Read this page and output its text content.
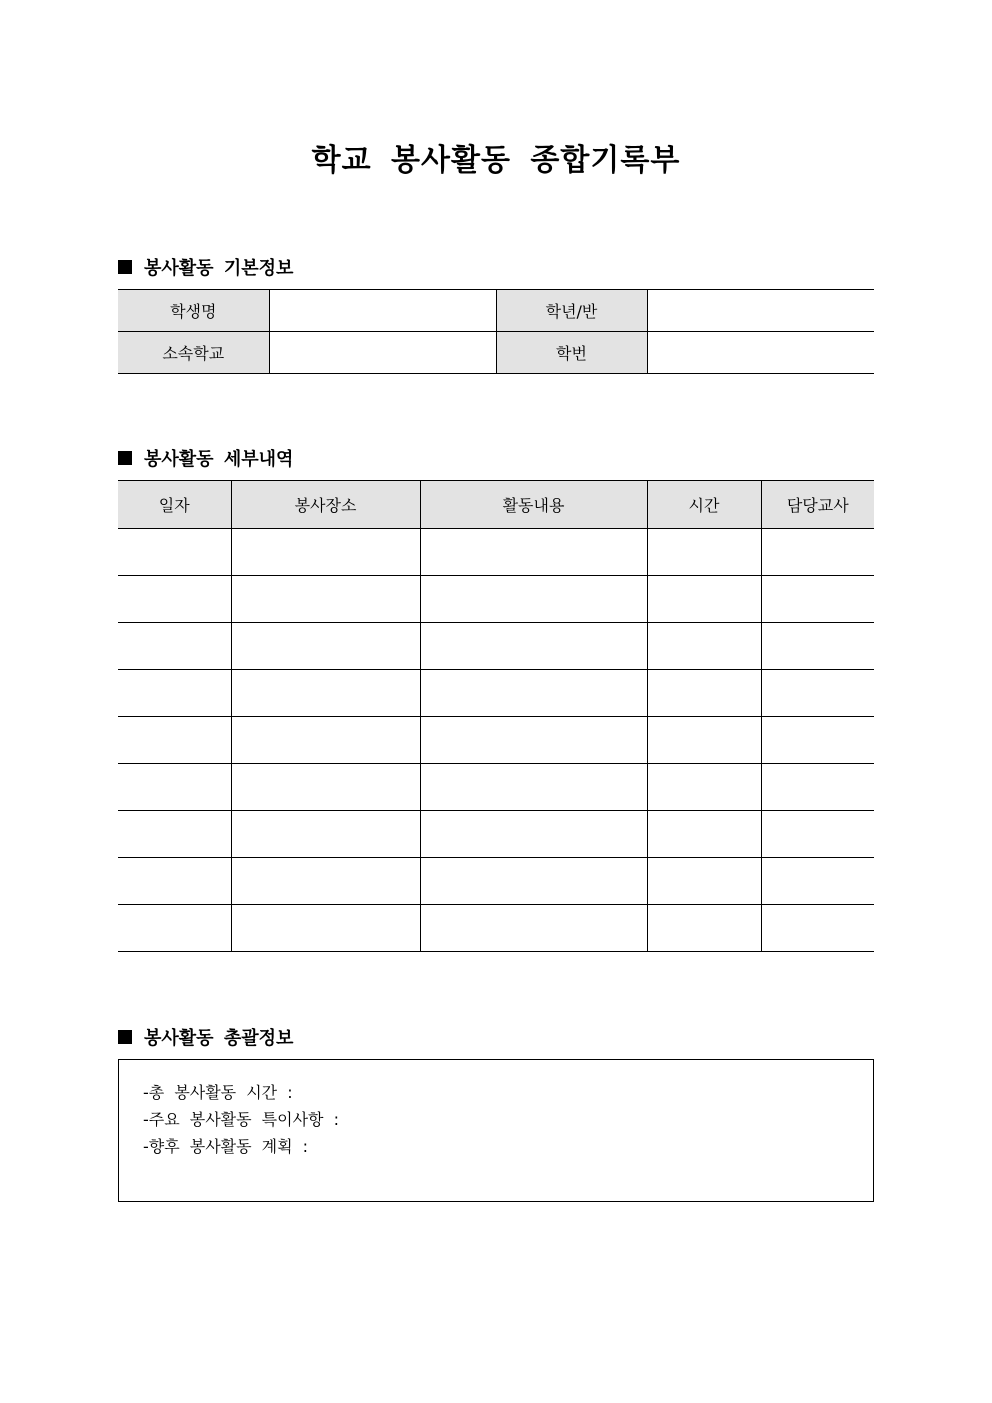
학교 봉사활동 종합기록부
봉사활동 기본정보
학생명		학년/반	
소속학교		학번	
봉사활동 세부내역
일자	봉사장소	활동내용	시간	담당교사

봉사활동 총괄정보
-총 봉사활동 시간 :
-주요 봉사활동 특이사항 :
-향후 봉사활동 계획 :
